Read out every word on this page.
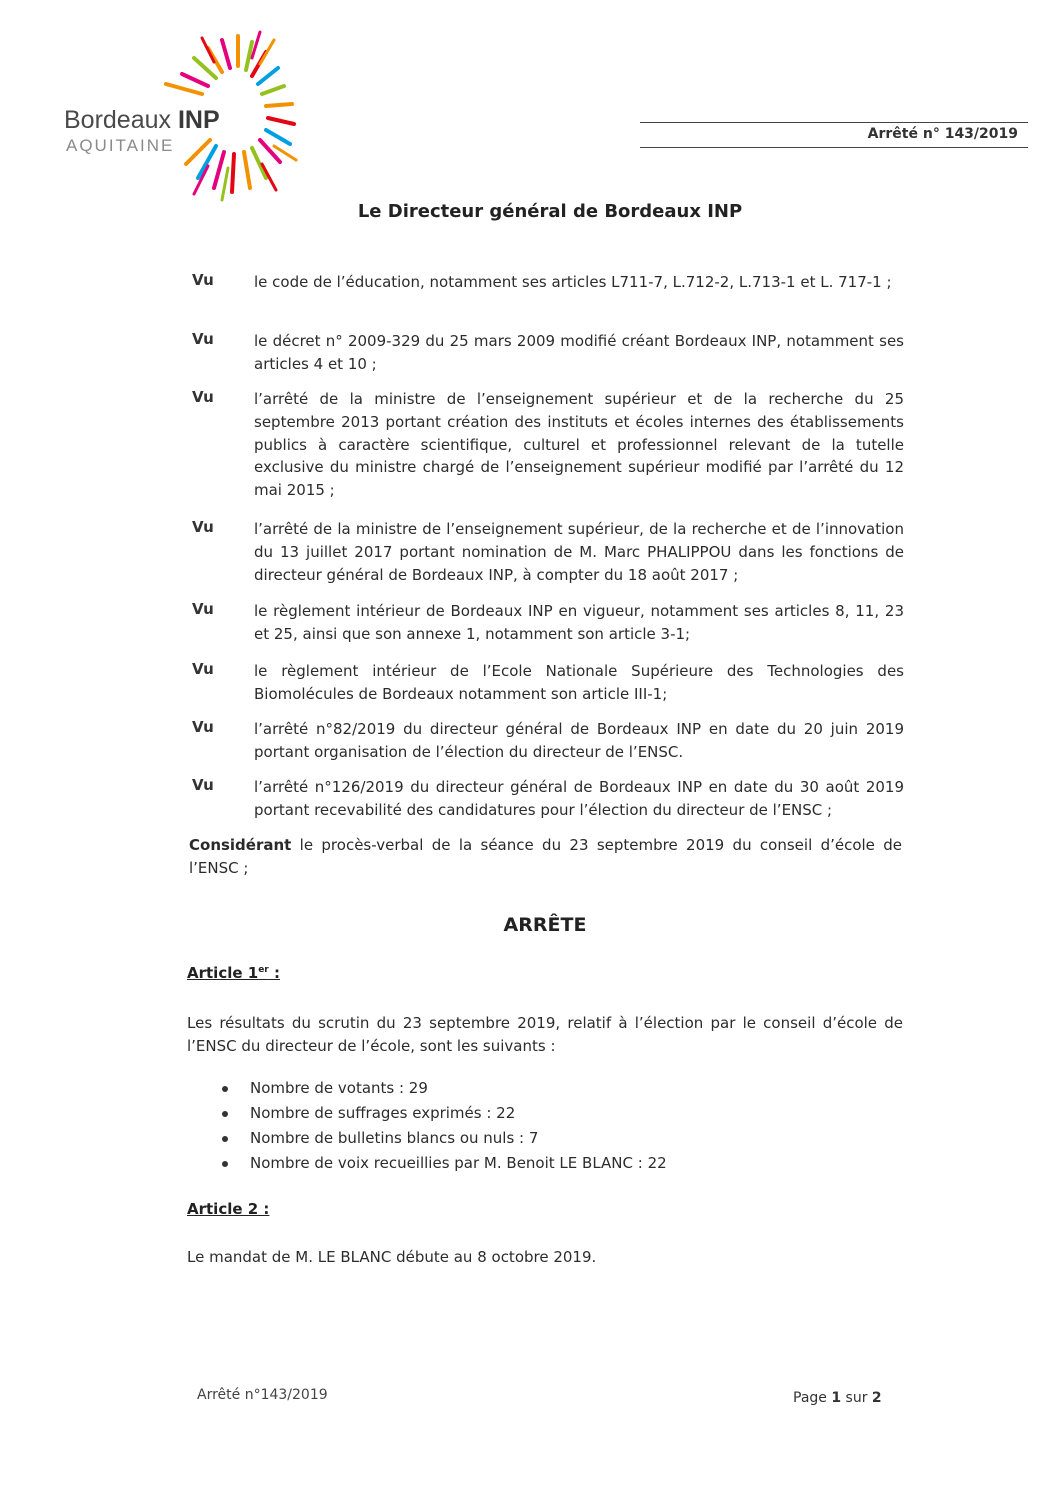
Bordeaux INP
AQUITAINE
Arrêté n° 143/2019
Le Directeur général de Bordeaux INP
Vu	le code de l’éducation, notamment ses articles L711-7, L.712-2, L.713-1 et L. 717-1 ;
Vu	le décret n° 2009-329 du 25 mars 2009 modifié créant Bordeaux INP, notamment ses articles 4 et 10 ;
Vu	l’arrêté de la ministre de l’enseignement supérieur et de la recherche du 25 septembre 2013 portant création des instituts et écoles internes des établissements publics à caractère scientifique, culturel et professionnel relevant de la tutelle exclusive du ministre chargé de l’enseignement supérieur modifié par l’arrêté du 12 mai 2015 ;
Vu	l’arrêté de la ministre de l’enseignement supérieur, de la recherche et de l’innovation du 13 juillet 2017 portant nomination de M. Marc PHALIPPOU dans les fonctions de directeur général de Bordeaux INP, à compter du 18 août 2017 ;
Vu	le règlement intérieur de Bordeaux INP en vigueur, notamment ses articles 8, 11, 23 et 25, ainsi que son annexe 1, notamment son article 3-1;
Vu	le règlement intérieur de l’Ecole Nationale Supérieure des Technologies des Biomolécules de Bordeaux notamment son article III-1;
Vu	l’arrêté n°82/2019 du directeur général de Bordeaux INP en date du 20 juin 2019 portant organisation de l’élection du directeur de l’ENSC.
Vu	l’arrêté n°126/2019 du directeur général de Bordeaux INP en date du 30 août 2019 portant recevabilité des candidatures pour l’élection du directeur de l’ENSC ;
Considérant le procès-verbal de la séance du 23 septembre 2019 du conseil d’école de l’ENSC ;
ARRÊTE
Article 1er :
Les résultats du scrutin du 23 septembre 2019, relatif à l’élection par le conseil d’école de l’ENSC du directeur de l’école, sont les suivants :
Nombre de votants : 29
Nombre de suffrages exprimés : 22
Nombre de bulletins blancs ou nuls : 7
Nombre de voix recueillies par M. Benoit LE BLANC : 22
Article 2 :
Le mandat de M. LE BLANC débute au 8 octobre 2019.
Arrêté n°143/2019	Page 1 sur 2
